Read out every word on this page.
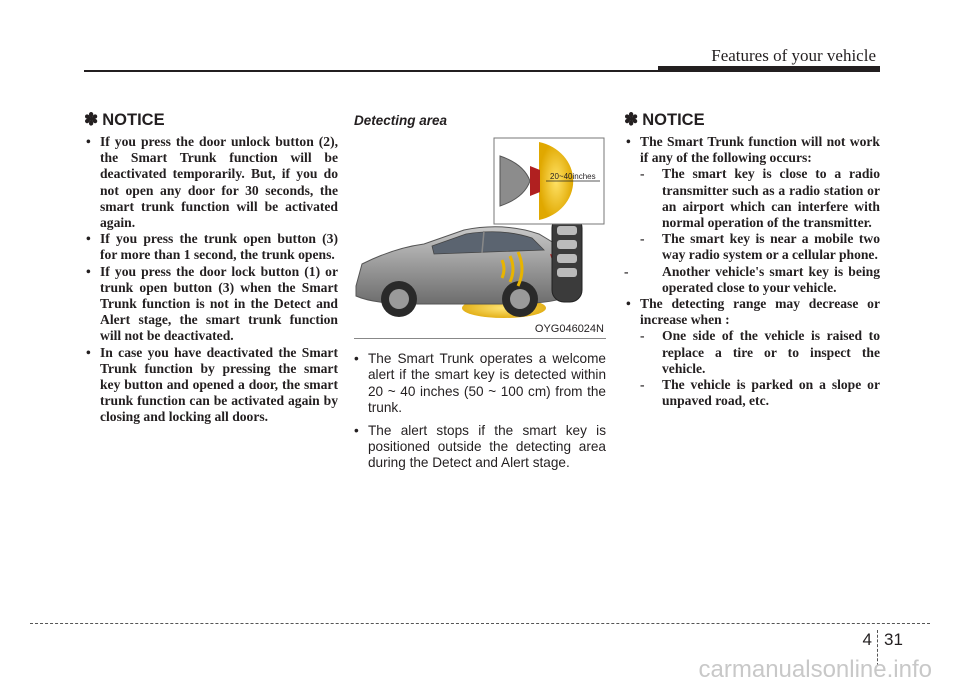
Features of your vehicle
✽ NOTICE
• If you press the door unlock button (2), the Smart Trunk function will be deactivated temporarily. But, if you do not open any door for 30 seconds, the smart trunk function will be activated again.
• If you press the trunk open button (3) for more than 1 second, the trunk opens.
• If you press the door lock button (1) or trunk open button (3) when the Smart Trunk function is not in the Detect and Alert stage, the smart trunk function will not be deactivated.
• In case you have deactivated the Smart Trunk function by pressing the smart key button and opened a door, the smart trunk function can be activated again by closing and locking all doors.
Detecting area
20~40inches
OYG046024N
• The Smart Trunk operates a welcome alert if the smart key is detected within 20 ~ 40 inches (50 ~ 100 cm) from the trunk.
• The alert stops if the smart key is positioned outside the detecting area during the Detect and Alert stage.
✽ NOTICE
• The Smart Trunk function will not work if any of the following occurs:
- The smart key is close to a radio transmitter such as a radio station or an airport which can interfere with normal operation of the transmitter.
- The smart key is near a mobile two way radio system or a cellular phone.
- Another vehicle's smart key is being operated close to your vehicle.
• The detecting range may decrease or increase when :
- One side of the vehicle is raised to replace a tire or to inspect the vehicle.
- The vehicle is parked on a slope or unpaved road, etc.
4 31
carmanualsonline.info
